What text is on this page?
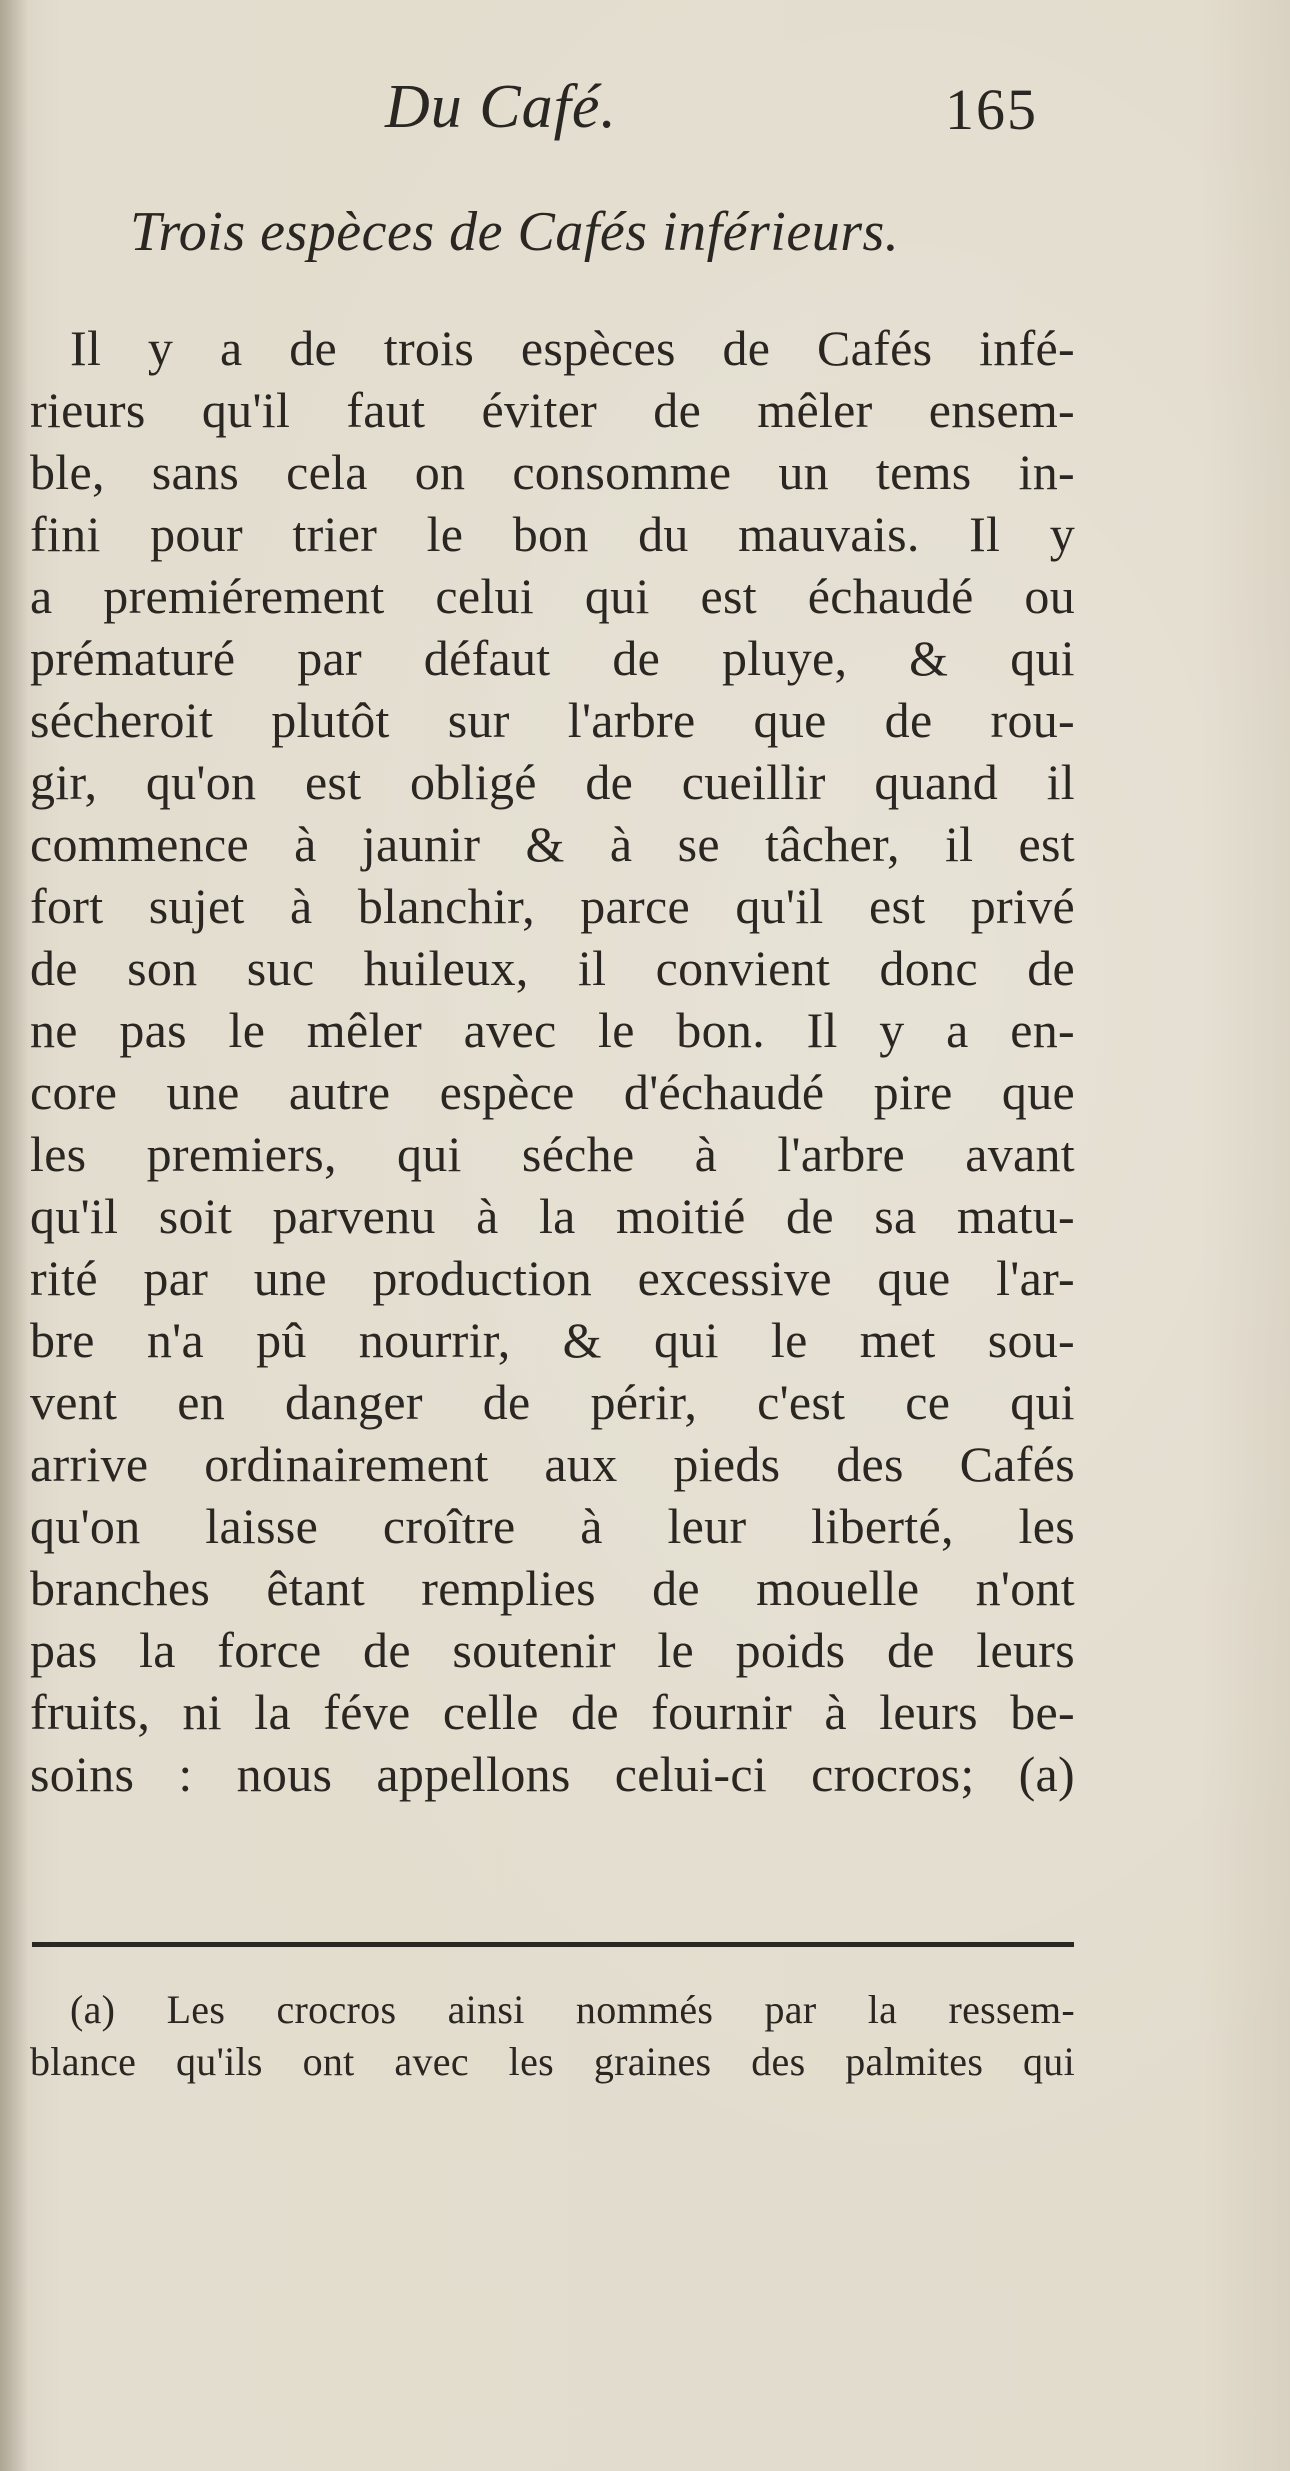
Du Café.	165
Trois espèces de Cafés inférieurs.
Il y a de trois espèces de Cafés infé-
rieurs qu'il faut éviter de mêler ensem-
ble, sans cela on consomme un tems in-
fini pour trier le bon du mauvais. Il y
a premiérement celui qui est échaudé ou
prématuré par défaut de pluye, & qui
sécheroit plutôt sur l'arbre que de rou-
gir, qu'on est obligé de cueillir quand il
commence à jaunir & à se tâcher, il est
fort sujet à blanchir, parce qu'il est privé
de son suc huileux, il convient donc de
ne pas le mêler avec le bon. Il y a en-
core une autre espèce d'échaudé pire que
les premiers, qui séche à l'arbre avant
qu'il soit parvenu à la moitié de sa matu-
rité par une production excessive que l'ar-
bre n'a pû nourrir, & qui le met sou-
vent en danger de périr, c'est ce qui
arrive ordinairement aux pieds des Cafés
qu'on laisse croître à leur liberté, les
branches êtant remplies de mouelle n'ont
pas la force de soutenir le poids de leurs
fruits, ni la féve celle de fournir à leurs be-
soins : nous appellons celui-ci crocros; (a)
(a) Les crocros ainsi nommés par la ressem-
blance qu'ils ont avec les graines des palmites qui
